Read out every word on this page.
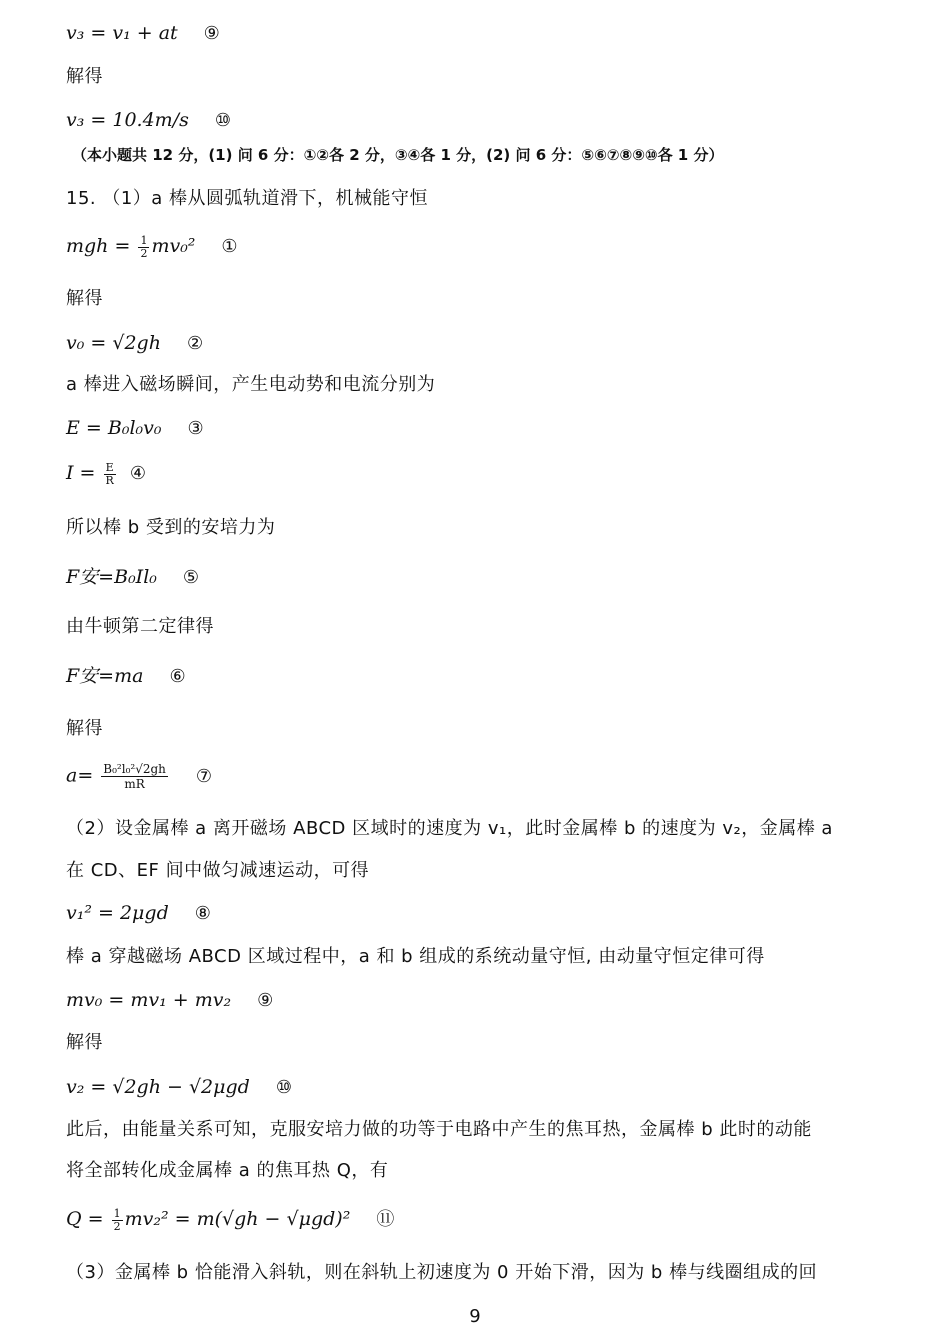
v₃ = v₁ + at ⑨
解得
v₃ = 10.4m/s ⑩
（本小题共 12 分，(1) 问 6 分：①②各 2 分，③④各 1 分，(2) 问 6 分：⑤⑥⑦⑧⑨⑩各 1 分）
15. （1）a 棒从圆弧轨道滑下，机械能守恒
mgh = $\frac{1}{2} mv_0^2$ ①
解得
v₀ = √2gh ②
a 棒进入磁场瞬间，产生电动势和电流分别为
E = B₀l₀v₀ ③
$I = \frac{E}{R}$ ④
所以棒 b 受到的安培力为
F安=B₀Il₀ ⑤
由牛顿第二定律得
F安=ma ⑥
解得
$a= \frac{\text{B₀²l₀²√2gh}}{mR}$ ⑦
（2）设金属棒 a 离开磁场 ABCD 区域时的速度为 v₁，此时金属棒 b 的速度为 v₂，金属棒 a
在 CD、EF 间中做匀减速运动，可得
v₁² = 2μgd ⑧
棒 a 穿越磁场 ABCD 区域过程中，a 和 b 组成的系统动量守恒, 由动量守恒定律可得
mv₀ = mv₁ + mv₂ ⑨
解得
v₂ = √2gh − √2μgd ⑩
此后，由能量关系可知，克服安培力做的功等于电路中产生的焦耳热，金属棒 b 此时的动能
将全部转化成金属棒 a 的焦耳热 Q，有
$Q = \frac{1}{2} mv_2^2 = m(√gh - √\mu gd)^2$ ⑪
（3）金属棒 b 恰能滑入斜轨，则在斜轨上初速度为 0 开始下滑，因为 b 棒与线圈组成的回
9
